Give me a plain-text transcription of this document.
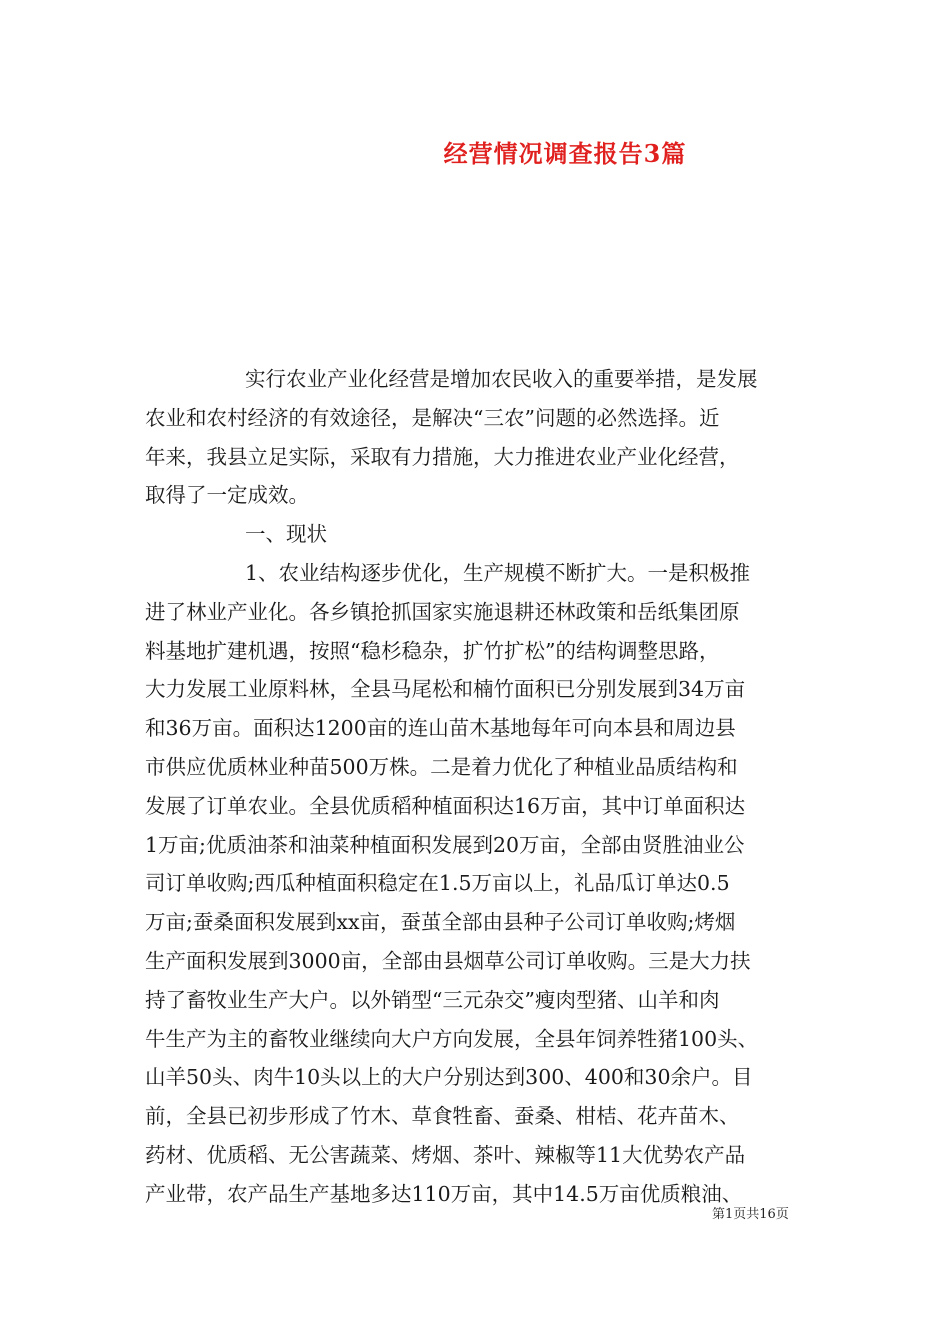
经营情况调查报告3篇
实行农业产业化经营是增加农民收入的重要举措，是发展
农业和农村经济的有效途径，是解决“三农”问题的必然选择。近
年来，我县立足实际，采取有力措施，大力推进农业产业化经营，
取得了一定成效。
一、现状
1、农业结构逐步优化，生产规模不断扩大。一是积极推
进了林业产业化。各乡镇抢抓国家实施退耕还林政策和岳纸集团原
料基地扩建机遇，按照“稳杉稳杂，扩竹扩松”的结构调整思路，
大力发展工业原料林，全县马尾松和楠竹面积已分别发展到34万亩
和36万亩。面积达1200亩的连山苗木基地每年可向本县和周边县
市供应优质林业种苗500万株。二是着力优化了种植业品质结构和
发展了订单农业。全县优质稻种植面积达16万亩，其中订单面积达
1万亩;优质油茶和油菜种植面积发展到20万亩，全部由贤胜油业公
司订单收购;西瓜种植面积稳定在1.5万亩以上，礼品瓜订单达0.5
万亩;蚕桑面积发展到xx亩，蚕茧全部由县种子公司订单收购;烤烟
生产面积发展到3000亩，全部由县烟草公司订单收购。三是大力扶
持了畜牧业生产大户。以外销型“三元杂交”瘦肉型猪、山羊和肉
牛生产为主的畜牧业继续向大户方向发展，全县年饲养牲猪100头、
山羊50头、肉牛10头以上的大户分别达到300、400和30余户。目
前，全县已初步形成了竹木、草食牲畜、蚕桑、柑桔、花卉苗木、
药材、优质稻、无公害蔬菜、烤烟、茶叶、辣椒等11大优势农产品
产业带，农产品生产基地多达110万亩，其中14.5万亩优质粮油、
第1页共16页
